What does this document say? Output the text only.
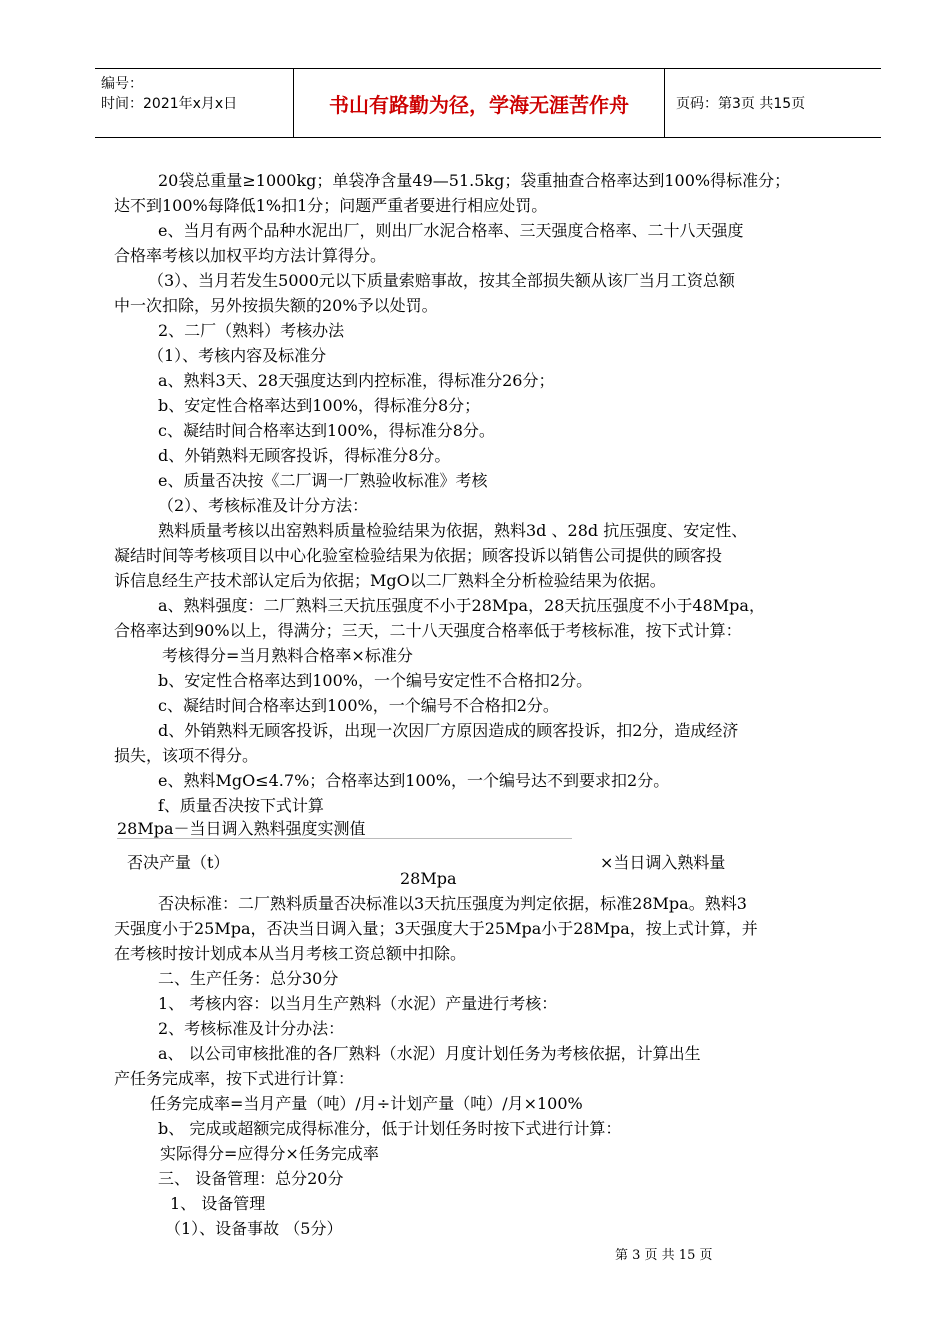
编号：
时间：2021年x月x日	书山有路勤为径，学海无涯苦作舟	页码：第3页 共15页
20袋总重量≥1000kg；单袋净含量49—51.5kg；袋重抽查合格率达到100%得标准分；
达不到100%每降低1%扣1分；问题严重者要进行相应处罚。
e、当月有两个品种水泥出厂，则出厂水泥合格率、三天强度合格率、二十八天强度
合格率考核以加权平均方法计算得分。
（3）、当月若发生5000元以下质量索赔事故，按其全部损失额从该厂当月工资总额
中一次扣除，另外按损失额的20%予以处罚。
2、二厂（熟料）考核办法
（1）、考核内容及标准分
a、熟料3天、28天强度达到内控标准，得标准分26分；
b、安定性合格率达到100%，得标准分8分；
c、凝结时间合格率达到100%，得标准分8分。
d、外销熟料无顾客投诉，得标准分8分。
e、质量否决按《二厂调一厂熟验收标准》考核
（2）、考核标准及计分方法：
熟料质量考核以出窑熟料质量检验结果为依据，熟料3d 、28d 抗压强度、安定性、
凝结时间等考核项目以中心化验室检验结果为依据；顾客投诉以销售公司提供的顾客投
诉信息经生产技术部认定后为依据；MgO以二厂熟料全分析检验结果为依据。
a、熟料强度：二厂熟料三天抗压强度不小于28Mpa，28天抗压强度不小于48Mpa，
合格率达到90%以上，得满分；三天，二十八天强度合格率低于考核标准，按下式计算：
考核得分=当月熟料合格率×标准分
b、安定性合格率达到100%，一个编号安定性不合格扣2分。
c、凝结时间合格率达到100%，一个编号不合格扣2分。
d、外销熟料无顾客投诉，出现一次因厂方原因造成的顾客投诉，扣2分，造成经济
损失，该项不得分。
e、熟料MgO≤4.7%；合格率达到100%，一个编号达不到要求扣2分。
f、质量否决按下式计算
28Mpa－当日调入熟料强度实测值
否决产量（t）	×当日调入熟料量
28Mpa
否决标准：二厂熟料质量否决标准以3天抗压强度为判定依据，标准28Mpa。熟料3
天强度小于25Mpa，否决当日调入量；3天强度大于25Mpa小于28Mpa，按上式计算，并
在考核时按计划成本从当月考核工资总额中扣除。
二、生产任务：总分30分
1、 考核内容：以当月生产熟料（水泥）产量进行考核：
2、考核标准及计分办法：
a、 以公司审核批准的各厂熟料（水泥）月度计划任务为考核依据，计算出生
产任务完成率，按下式进行计算：
任务完成率=当月产量（吨）/月÷计划产量（吨）/月×100%
b、 完成或超额完成得标准分，低于计划任务时按下式进行计算：
实际得分=应得分×任务完成率
三、 设备管理：总分20分
1、 设备管理
（1）、设备事故 （5分）
第 3 页 共 15 页
